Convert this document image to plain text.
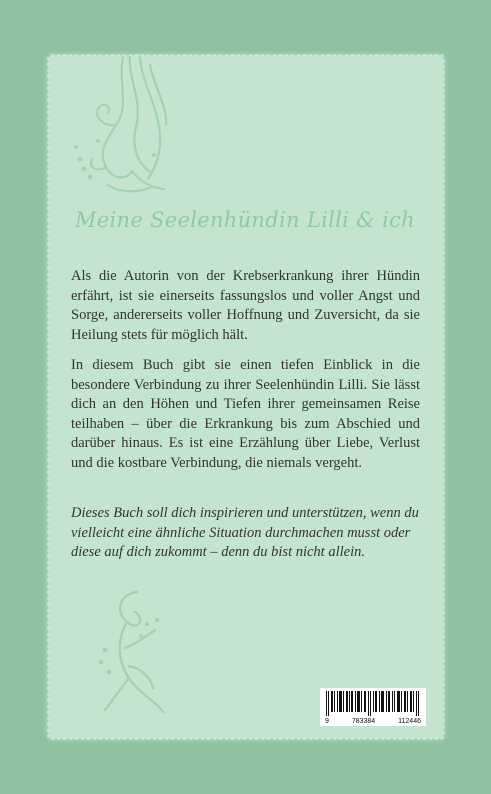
Meine Seelenhündin Lilli & ich

Als die Autorin von der Krebserkrankung ihrer Hündin erfährt, ist sie einerseits fassungslos und voller Angst und Sorge, andererseits voller Hoffnung und Zuversicht, da sie Heilung stets für möglich hält.

In diesem Buch gibt sie einen tiefen Einblick in die besondere Verbindung zu ihrer Seelenhündin Lilli. Sie lässt dich an den Höhen und Tiefen ihrer gemeinsamen Reise teilhaben – über die Erkrankung bis zum Abschied und darüber hinaus. Es ist eine Erzählung über Liebe, Verlust und die kostbare Verbindung, die niemals vergeht.

Dieses Buch soll dich inspirieren und unterstützen, wenn du vielleicht eine ähnliche Situation durchmachen musst oder diese auf dich zukommt – denn du bist nicht allein.

9	783384	112446
